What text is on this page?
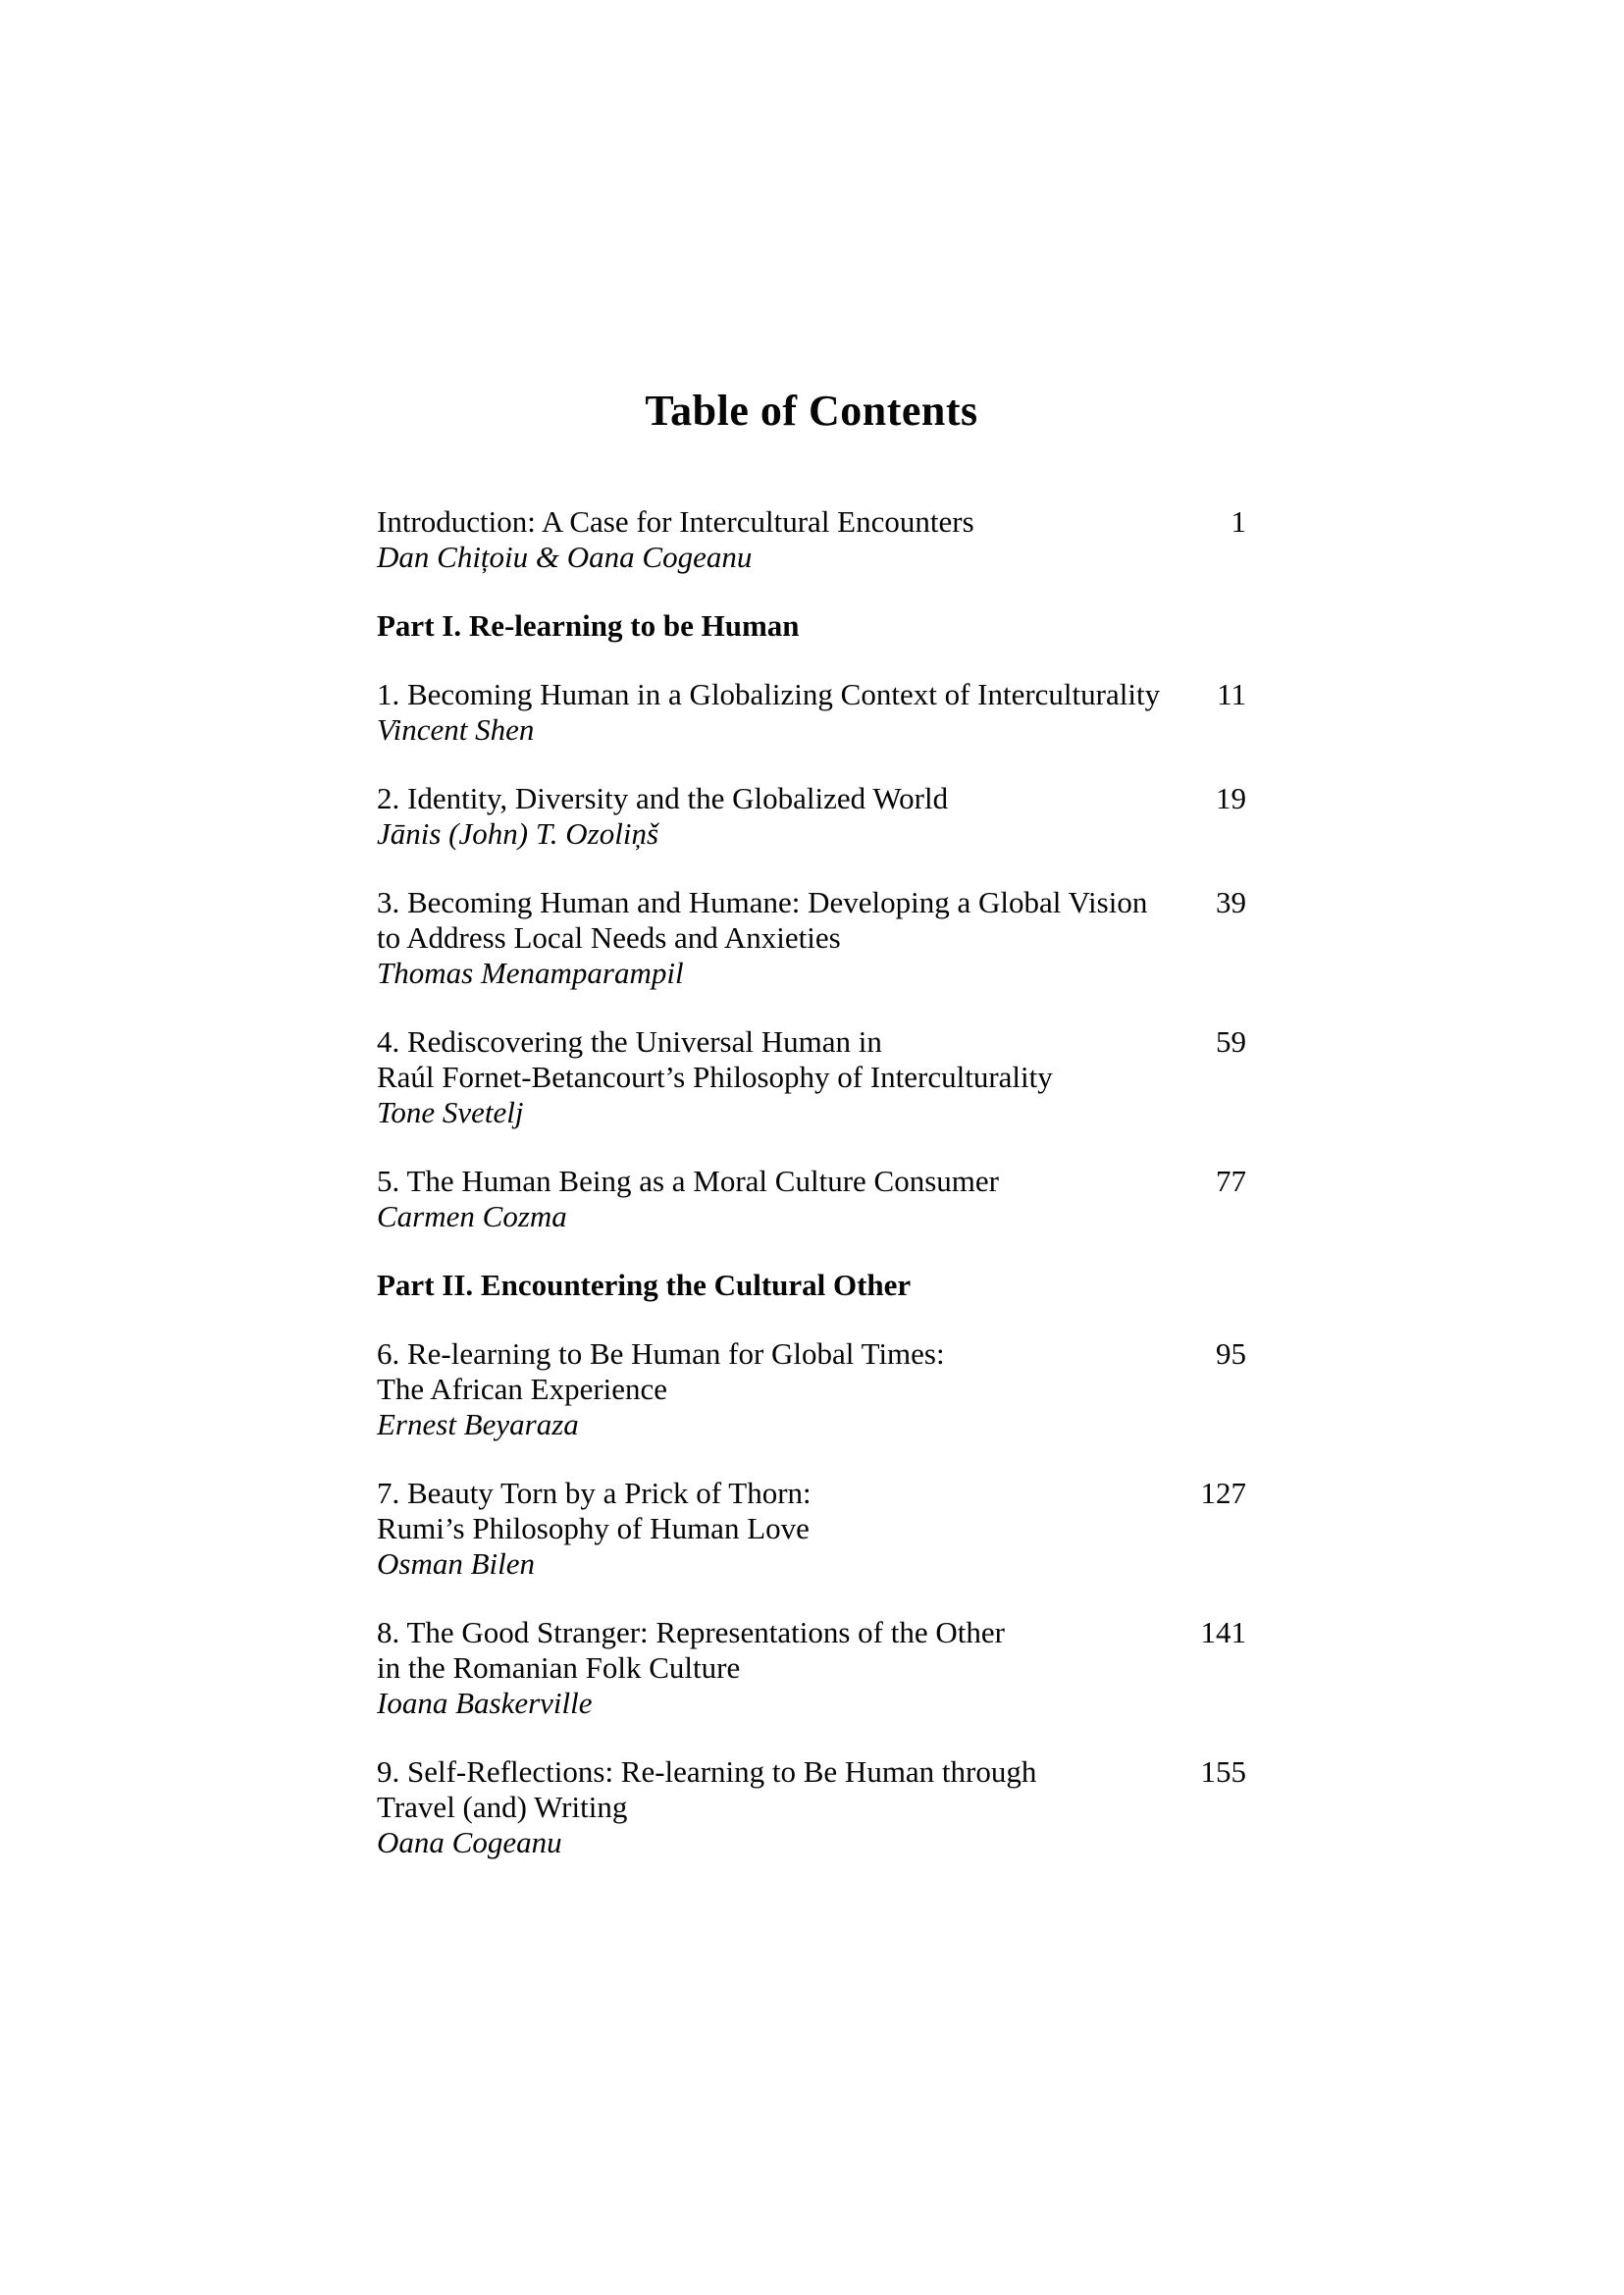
Table of Contents
Introduction: A Case for Intercultural Encounters
Dan Chițoiu & Oana Cogeanu
1
Part I. Re-learning to be Human
1. Becoming Human in a Globalizing Context of Interculturality
Vincent Shen
11
2. Identity, Diversity and the Globalized World
Jānis (John) T. Ozoliņš
19
3. Becoming Human and Humane: Developing a Global Vision
to Address Local Needs and Anxieties
Thomas Menamparampil
39
4. Rediscovering the Universal Human in
Raúl Fornet-Betancourt’s Philosophy of Interculturality
Tone Svetelj
59
5. The Human Being as a Moral Culture Consumer
Carmen Cozma
77
Part II. Encountering the Cultural Other
6. Re-learning to Be Human for Global Times:
The African Experience
Ernest Beyaraza
95
7. Beauty Torn by a Prick of Thorn:
Rumi’s Philosophy of Human Love
Osman Bilen
127
8. The Good Stranger: Representations of the Other
in the Romanian Folk Culture
Ioana Baskerville
141
9. Self-Reflections: Re-learning to Be Human through
Travel (and) Writing
Oana Cogeanu
155
